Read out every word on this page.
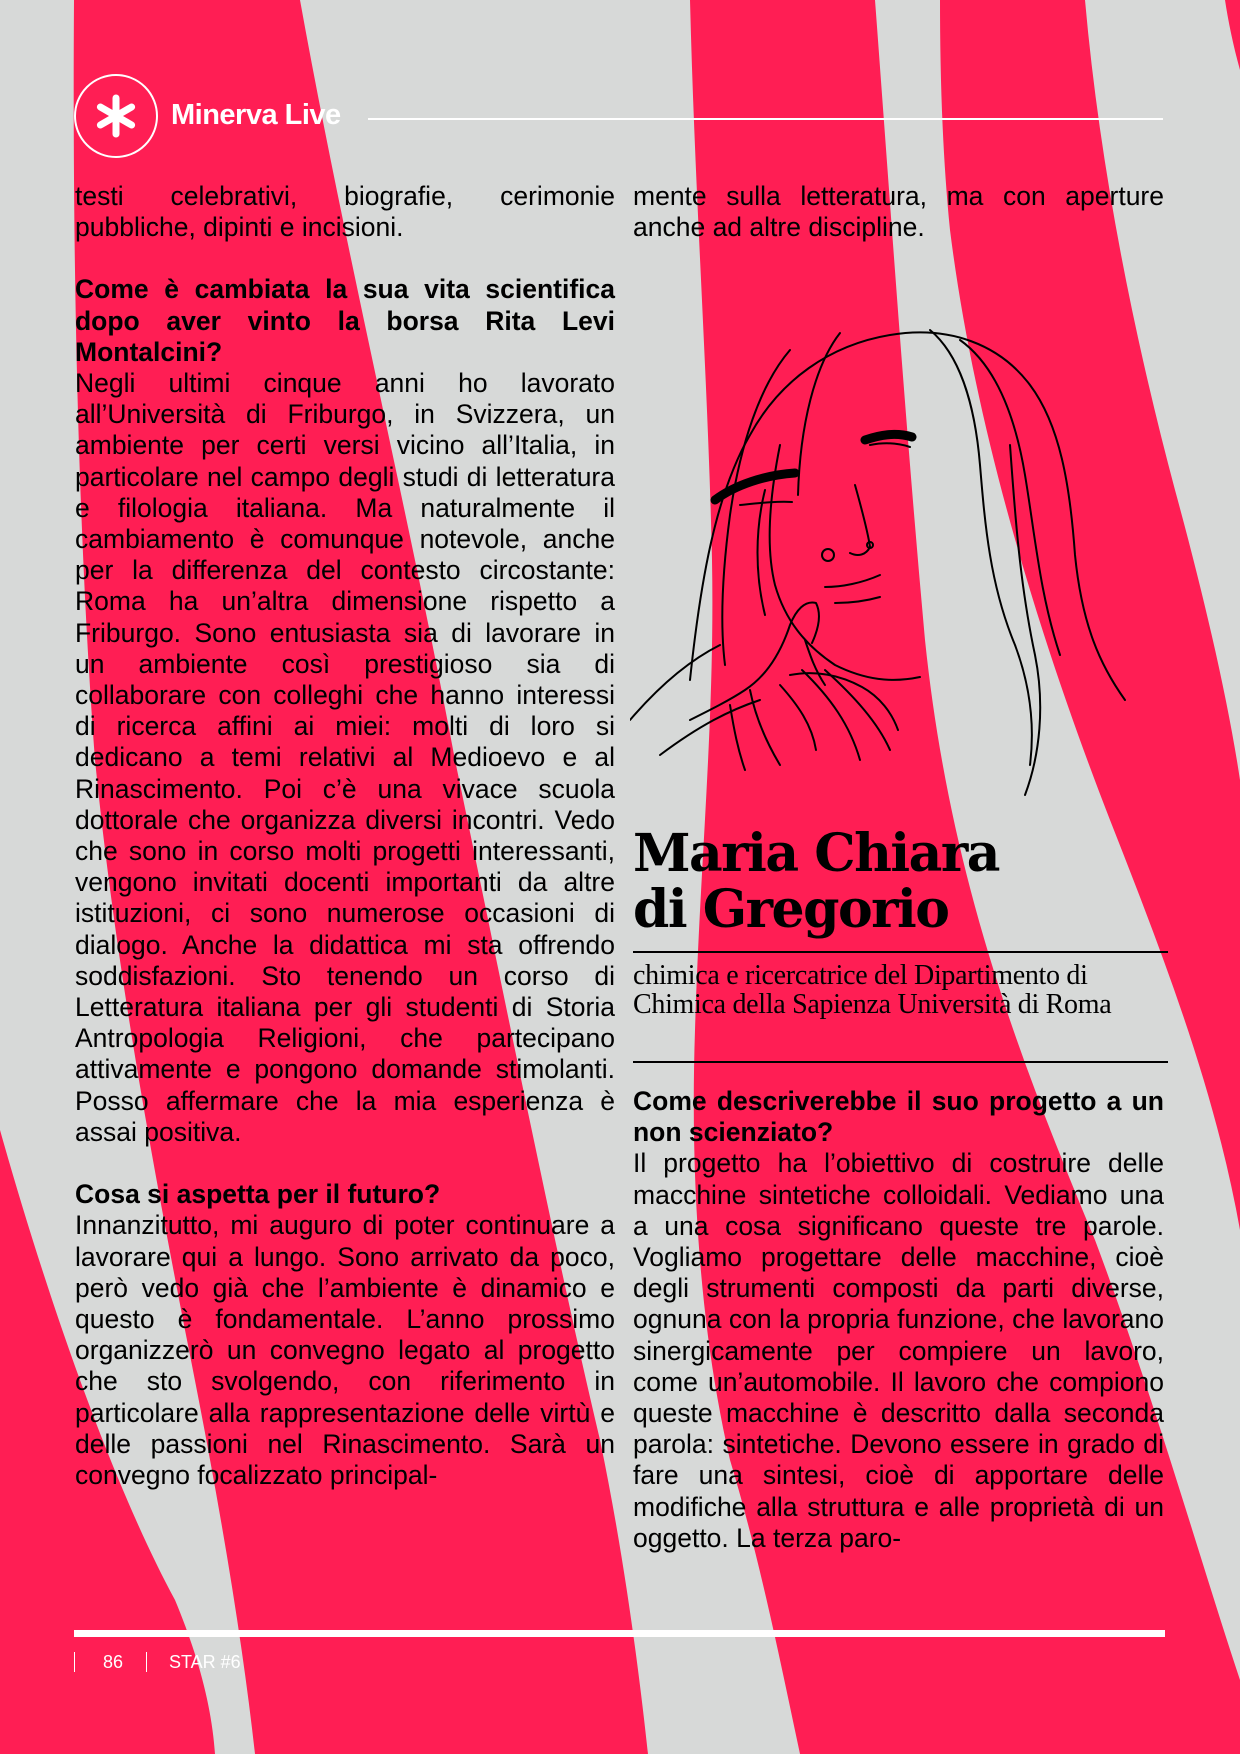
Minerva Live

testi celebrativi, biografie, cerimonie pubbliche, dipinti e incisioni.

Come è cambiata la sua vita scientifica dopo aver vinto la borsa Rita Levi Montalcini?

Negli ultimi cinque anni ho lavorato all’Università di Friburgo, in Svizzera, un ambiente per certi versi vicino all’Italia, in particolare nel campo degli studi di letteratura e filologia italiana. Ma naturalmente il cambiamento è comunque notevole, anche per la differenza del contesto circostante: Roma ha un’altra dimensione rispetto a Friburgo. Sono entusiasta sia di lavorare in un ambiente così prestigioso sia di collaborare con colleghi che hanno interessi di ricerca affini ai miei: molti di loro si dedicano a temi relativi al Medioevo e al Rinascimento. Poi c’è una vivace scuola dottorale che organizza diversi incontri. Vedo che sono in corso molti progetti interessanti, vengono invitati docenti importanti da altre istituzioni, ci sono numerose occasioni di dialogo. Anche la didattica mi sta offrendo soddisfazioni. Sto tenendo un corso di Letteratura italiana per gli studenti di Storia Antropologia Religioni, che partecipano attivamente e pongono domande stimolanti. Posso affermare che la mia esperienza è assai positiva.

Cosa si aspetta per il futuro?

Innanzitutto, mi auguro di poter continuare a lavorare qui a lungo. Sono arrivato da poco, però vedo già che l’ambiente è dinamico e questo è fondamentale. L’anno prossimo organizzerò un convegno legato al progetto che sto svolgendo, con riferimento in particolare alla rappresentazione delle virtù e delle passioni nel Rinascimento. Sarà un convegno focalizzato principal-

mente sulla letteratura, ma con aperture anche ad altre discipline.

Maria Chiara
di Gregorio
chimica e ricercatrice del Dipartimento di Chimica della Sapienza Università di Roma

Come descriverebbe il suo progetto a un non scienziato?

Il progetto ha l’obiettivo di costruire delle macchine sintetiche colloidali. Vediamo una a una cosa significano queste tre parole. Vogliamo progettare delle macchine, cioè degli strumenti composti da parti diverse, ognuna con la propria funzione, che lavorano sinergicamente per compiere un lavoro, come un’automobile. Il lavoro che compiono queste macchine è descritto dalla seconda parola: sintetiche. Devono essere in grado di fare una sintesi, cioè di apportare delle modifiche alla struttura e alle proprietà di un oggetto. La terza paro-

86	STAR #6
